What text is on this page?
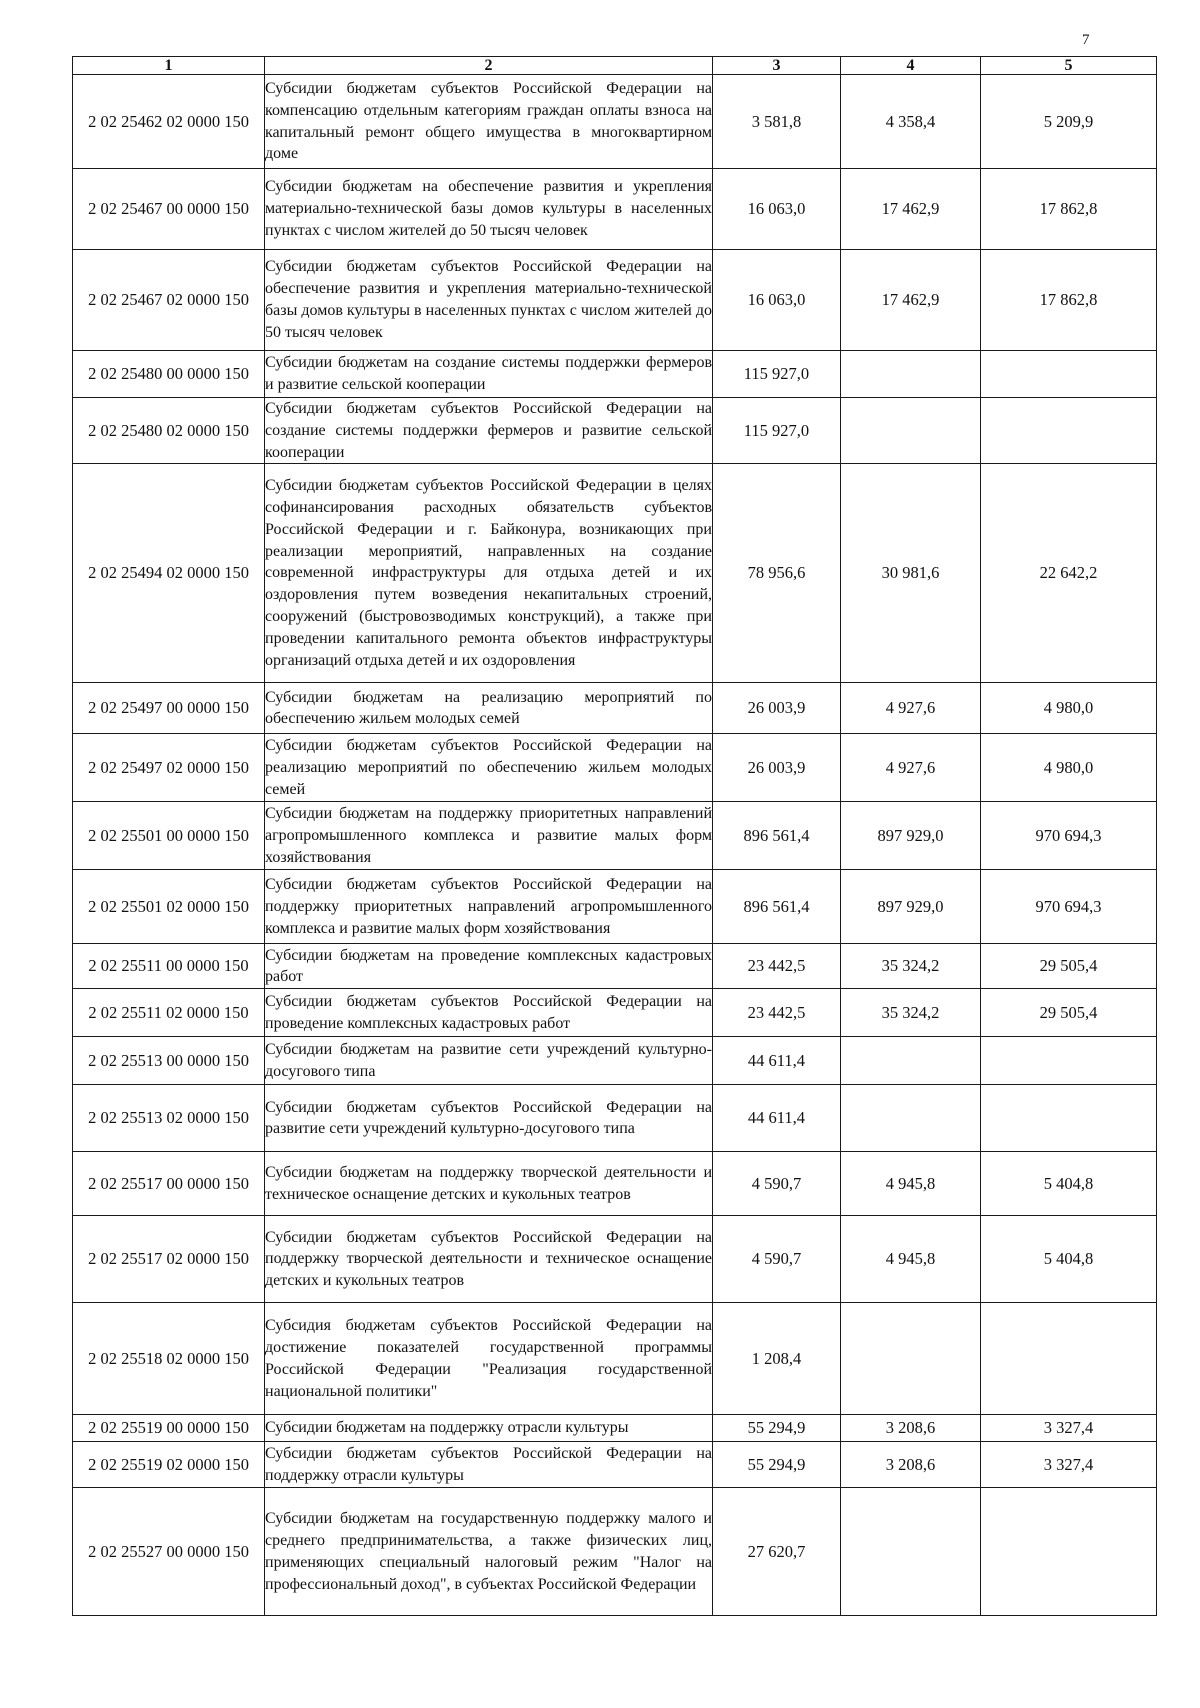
7
1	2	3	4	5
2 02 25462 02 0000 150	Субсидии бюджетам субъектов Российской Федерации на компенсацию отдельным категориям граждан оплаты взноса на капитальный ремонт общего имущества в многоквартирном доме	3 581,8	4 358,4	5 209,9
2 02 25467 00 0000 150	Субсидии бюджетам на обеспечение развития и укрепления материально-технической базы домов культуры в населенных пунктах с числом жителей до 50 тысяч человек	16 063,0	17 462,9	17 862,8
2 02 25467 02 0000 150	Субсидии бюджетам субъектов Российской Федерации на обеспечение развития и укрепления материально-технической базы домов культуры в населенных пунктах с числом жителей до 50 тысяч человек	16 063,0	17 462,9	17 862,8
2 02 25480 00 0000 150	Субсидии бюджетам на создание системы поддержки фермеров и развитие сельской кооперации	115 927,0		
2 02 25480 02 0000 150	Субсидии бюджетам субъектов Российской Федерации на создание системы поддержки фермеров и развитие сельской кооперации	115 927,0		
2 02 25494 02 0000 150	Субсидии бюджетам субъектов Российской Федерации в целях софинансирования расходных обязательств субъектов Российской Федерации и г. Байконура, возникающих при реализации мероприятий, направленных на создание современной инфраструктуры для отдыха детей и их оздоровления путем возведения некапитальных строений, сооружений (быстровозводимых конструкций), а также при проведении капитального ремонта объектов инфраструктуры организаций отдыха детей и их оздоровления	78 956,6	30 981,6	22 642,2
2 02 25497 00 0000 150	Субсидии бюджетам на реализацию мероприятий по обеспечению жильем молодых семей	26 003,9	4 927,6	4 980,0
2 02 25497 02 0000 150	Субсидии бюджетам субъектов Российской Федерации на реализацию мероприятий по обеспечению жильем молодых семей	26 003,9	4 927,6	4 980,0
2 02 25501 00 0000 150	Субсидии бюджетам на поддержку приоритетных направлений агропромышленного комплекса и развитие малых форм хозяйствования	896 561,4	897 929,0	970 694,3
2 02 25501 02 0000 150	Субсидии бюджетам субъектов Российской Федерации на поддержку приоритетных направлений агропромышленного комплекса и развитие малых форм хозяйствования	896 561,4	897 929,0	970 694,3
2 02 25511 00 0000 150	Субсидии бюджетам на проведение комплексных кадастровых работ	23 442,5	35 324,2	29 505,4
2 02 25511 02 0000 150	Субсидии бюджетам субъектов Российской Федерации на проведение комплексных кадастровых работ	23 442,5	35 324,2	29 505,4
2 02 25513 00 0000 150	Субсидии бюджетам на развитие сети учреждений культурно-досугового типа	44 611,4		
2 02 25513 02 0000 150	Субсидии бюджетам субъектов Российской Федерации на развитие сети учреждений культурно-досугового типа	44 611,4		
2 02 25517 00 0000 150	Субсидии бюджетам на поддержку творческой деятельности и техническое оснащение детских и кукольных театров	4 590,7	4 945,8	5 404,8
2 02 25517 02 0000 150	Субсидии бюджетам субъектов Российской Федерации на поддержку творческой деятельности и техническое оснащение детских и кукольных театров	4 590,7	4 945,8	5 404,8
2 02 25518 02 0000 150	Субсидия бюджетам субъектов Российской Федерации на достижение показателей государственной программы Российской Федерации "Реализация государственной национальной политики"	1 208,4		
2 02 25519 00 0000 150	Субсидии бюджетам на поддержку отрасли культуры	55 294,9	3 208,6	3 327,4
2 02 25519 02 0000 150	Субсидии бюджетам субъектов Российской Федерации на поддержку отрасли культуры	55 294,9	3 208,6	3 327,4
2 02 25527 00 0000 150	Субсидии бюджетам на государственную поддержку малого и среднего предпринимательства, а также физических лиц, применяющих специальный налоговый режим "Налог на профессиональный доход", в субъектах Российской Федерации	27 620,7		
